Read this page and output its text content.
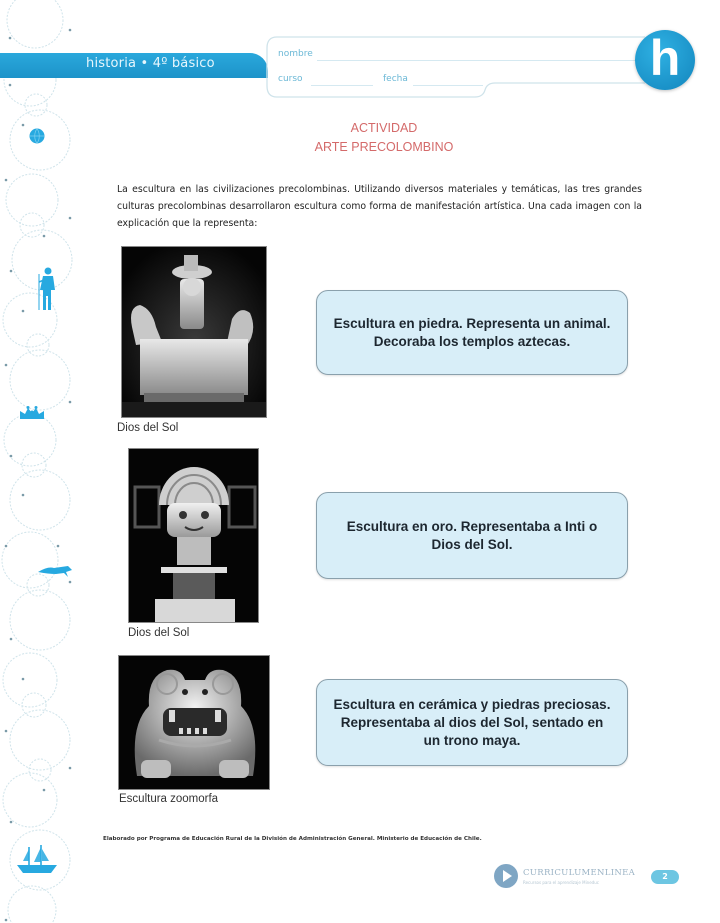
historia • 4º básico
nombre
curso	fecha	h
ACTIVIDAD
ARTE PRECOLOMBINO

La escultura en las civilizaciones precolombinas. Utilizando diversos materiales y temáticas, las tres grandes culturas precolombinas desarrollaron escultura como forma de manifestación artística. Una cada imagen con la explicación que la representa:

Dios del Sol
Dios del Sol
Escultura zoomorfa
Escultura en piedra. Representa un animal. Decoraba los templos aztecas.
Escultura en oro. Representaba a Inti o Dios del Sol.
Escultura en cerámica y piedras preciosas. Representaba al dios del Sol, sentado en un trono maya.
Elaborado por Programa de Educación Rural de la División de Administración General. Ministerio de Educación de Chile.
CURRICULUMENLINEA
Recursos para el aprendizaje Mineduc
2
